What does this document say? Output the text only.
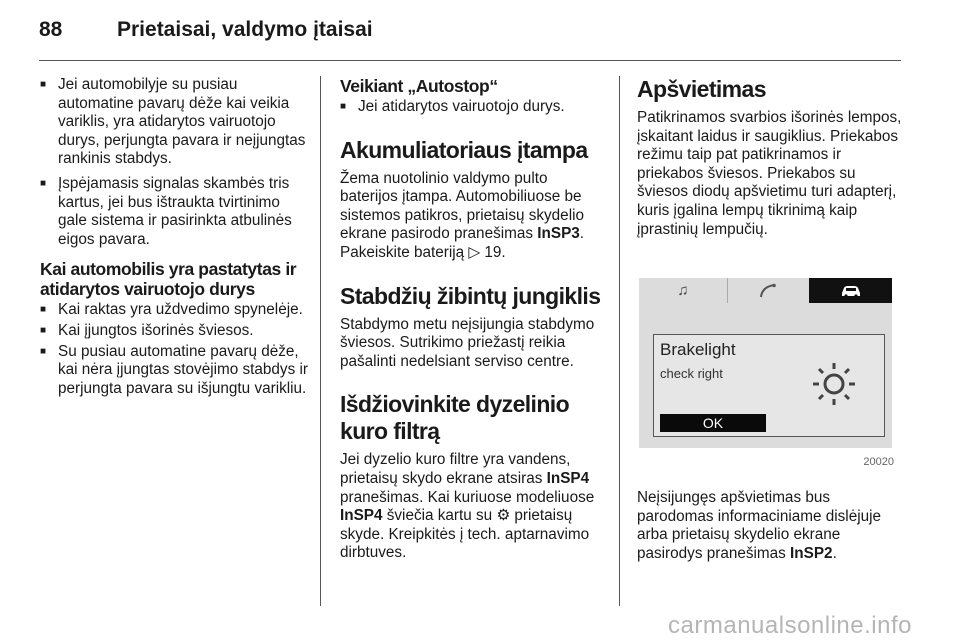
88	Prietaisai, valdymo įtaisai

■ Jei automobilyje su pusiau automatine pavarų dėže kai veikia variklis, yra atidarytos vairuotojo durys, perjungta pavara ir neįjungtas rankinis stabdys.

■ Įspėjamasis signalas skambės tris kartus, jei bus ištraukta tvirtinimo gale sistema ir pasirinkta atbulinės eigos pavara.

Kai automobilis yra pastatytas ir atidarytos vairuotojo durys

■ Kai raktas yra uždvedimo spynelėje.

■ Kai įjungtos išorinės šviesos.

■ Su pusiau automatine pavarų dėže, kai nėra įjungtas stovėjimo stabdys ir perjungta pavara su išjungtu varikliu.

Veikiant „Autostop“

■ Jei atidarytos vairuotojo durys.

Akumuliatoriaus įtampa

Žema nuotolinio valdymo pulto baterijos įtampa. Automobiliuose be sistemos patikros, prietaisų skydelio ekrane pasirodo pranešimas InSP3. Pakeiskite bateriją ▷ 19.

Stabdžių žibintų jungiklis

Stabdymo metu neįsijungia stabdymo šviesos. Sutrikimo priežastį reikia pašalinti nedelsiant serviso centre.

Išdžiovinkite dyzelinio kuro filtrą

Jei dyzelio kuro filtre yra vandens, prietaisų skydo ekrane atsiras InSP4 pranešimas. Kai kuriuose modeliuose InSP4 šviečia kartu su ⚙ prietaisų skyde. Kreipkitės į tech. aptarnavimo dirbtuves.

Apšvietimas

Patikrinamos svarbios išorinės lempos, įskaitant laidus ir saugiklius. Priekabos režimu taip pat patikrinamos ir priekabos šviesos. Priekabos su šviesos diodų apšvietimu turi adapterį, kuris įgalina lempų tikrinimą kaip įprastinių lempučių.

♫
Brakelight
check right
OK
20020

Neįsijungęs apšvietimas bus parodomas informaciniame dislėjuje arba prietaisų skydelio ekrane pasirodys pranešimas InSP2.

carmanualsonline.info
